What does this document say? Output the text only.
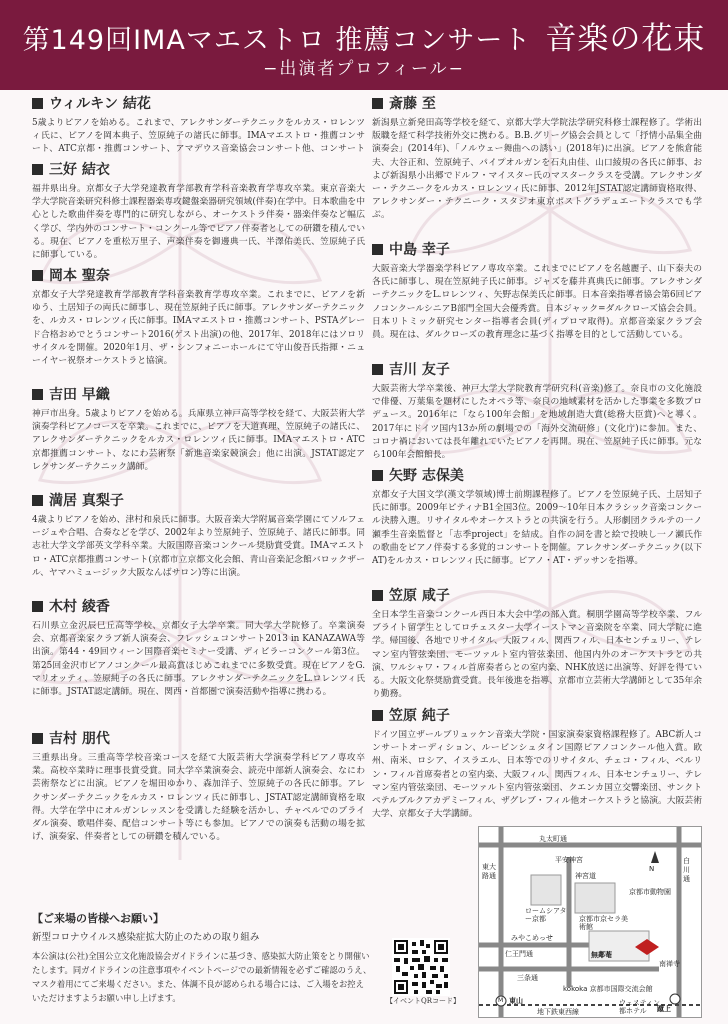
第149回IMAマエストロ 推薦コンサート 音楽の花束
−出演者プロフィール−
ウィルキン 結花
5歳よりピアノを始める。これまで、アレクサンダーテクニックをルカス・ロレンツィ氏に、ピアノを岡本典子、笠原純子の諸氏に師事。IMAマエストロ・推薦コンサート、ATC京都・推薦コンサート、アマデウス音楽協会コンサート他、コンサート
三好 結衣
福井県出身。京都女子大学発達教育学部教育学科音楽教育学専攻卒業。東京音楽大学大学院音楽研究科修士課程器楽専攻鍵盤楽器研究領域(伴奏)在学中。日本歌曲を中心とした歌曲伴奏を専門的に研究しながら、オーケストラ伴奏・器楽伴奏など幅広く学び、学内外のコンサート・コンクール等でピアノ伴奏者としての研鑽を積んでいる。現在、ピアノを重松万里子、声楽伴奏を御邊典一氏、半澤佑美氏、笠原純子氏に師事している。
岡本 聖奈
京都女子大学発達教育学部教育学科音楽教育学専攻卒業。これまでに、ピアノを新ゆう、土居知子の両氏に師事し、現在笠原純子氏に師事。アレクサンダーテクニックを、ルカス・ロレンツィ氏に師事。IMAマエストロ・推薦コンサート、PSTAグレード合格おめでとうコンサート2016(ゲスト出演)の他、2017年、2018年にはソロリサイタルを開催。2020年1月、ザ・シンフォニーホールにて守山俊吾氏指揮・ニューイヤー祝祭オーケストラと協演。
吉田 早織
神戸市出身。5歳よりピアノを始める。兵庫県立神戸高等学校を経て、大阪芸術大学演奏学科ピアノコースを卒業。これまでに、ピアノを大道真理、笠原純子の諸氏に、アレクサンダーテクニックをルカス・ロレンツィ氏に師事。IMAマエストロ・ATC京都推薦コンサート、なにわ芸術祭「新進音楽家競演会」他に出演。JSTAT認定アレクサンダーテクニック講師。
満居 真梨子
4歳よりピアノを始め、津村和泉氏に師事。大阪音楽大学附属音楽学園にてソルフェージュや合唱、合奏などを学び、2002年より笠原純子、笠原純子、諸氏に師事。同志社大学文学部英文学科卒業。大阪国際音楽コンクール奨励賞受賞。IMAマエストロ・ATC京都推薦コンサート(京都市立京都文化会館、青山音楽記念館バロックザール、ヤマハミュージック大阪なんばサロン)等に出演。
木村 綾香
石川県立金沢辰巳丘高等学校、京都女子大学卒業。同大学大学院修了。卒業演奏会、京都音楽家クラブ新人演奏会、フレッシュコンサート2013 in KANAZAWA等出演。第44・49回ウィーン国際音楽セミナー受講、ディビラーコンクール第3位。第25回金沢市ピアノコンクール最高賞ほじめこれまでに多数受賞。現在ピアノをG.マリオッティ、笠原純子の各氏に師事。アレクサンダーテクニックをL.ロレンツィ氏に師事。JSTAT認定講師。現在、関西・首都圏で演奏活動や指導に携わる。
吉村 朋代
三重県出身。三重高等学校音楽コースを経て大阪芸術大学演奏学科ピアノ専攻卒業。高校卒業時に理事長賞受賞。同大学卒業演奏会、読売中部新人演奏会、なにわ芸術祭などに出演。ピアノを堀田ゆかり、森加洋子、笠原純子の各氏に師事。アレクサンダーテクニックをルカス・ロレンツィ氏に師事し、JSTAT認定講師資格を取得。大学在学中にオルガンレッスンを受講した経験を活かし、チャペルでのブライダル演奏、歌唱伴奏、配信コンサート等にも参加。ピアノでの演奏も活動の場を拡げ、演奏家、伴奏者としての研鑽を積んでいる。
斎藤 至
新潟県立新発田高等学校を経て、京都大学大学院法学研究科修士課程修了。学術出版職を経て科学技術外交に携わる。B.B.グリーグ協会会員として「抒情小品集全曲演奏会」(2014年)、「ノルウェー舞曲への誘い」(2018年)に出演。ピアノを熊倉能夫、大谷正和、笠原純子、パイプオルガンを石丸由佳、山口綾規の各氏に師事、および新潟県小出郷でドルフ・マイスター氏のマスタークラスを受講。アレクサンダー・テクニークをルカス・ロレンツィ氏に師事、2012年JSTAT認定講師資格取得、アレクサンダー・テクニーク・スタジオ東京ポストグラデュエートクラスでも学ぶ。
中島 幸子
大阪音楽大学器楽学科ピアノ専攻卒業。これまでにピアノを名越麗子、山下泰夫の各氏に師事し、現在笠原純子氏に師事。ジャズを藤井真典氏に師事。アレクサンダーテクニックをL.ロレンツィ、矢野志保美氏に師事。日本音楽指導者協会第6回ピアノコンクールシニアB部門全国大会優秀賞。日本ジャック=ダルクローズ協会会員。日本リトミック研究センター指導者会員(ディプロマ取得)。京都音楽家クラブ会員。現在は、ダルクローズの教育理念に基づく指導を目的として活動している。
吉川 友子
大阪芸術大学卒業後、神戸大学大学院教育学研究科(音楽)修了。奈良市の文化施設で俳優、万葉集を題材にしたオペラ等、奈良の地域素材を活かした事業を多数プロデュース。2016年に「なら100年会館」を地域創造大賞(総務大臣賞)へと導く。2017年にドイツ国内13か所の劇場での「海外交流研修」(文化庁)に参加。また、コロナ禍においては長年離れていたピアノを再開。現在、笠原純子氏に師事。元なら100年会館館長。
矢野 志保美
京都女子大国文学(漢文学領域)博士前期課程修了。ピアノを笠原純子氏、土居知子氏に師事。2009年ピティナB1全国3位。2009〜10年日本クラシック音楽コンクール決勝入選。リサイタルやオーケストラとの共演を行う。人形劇団クラルテの一ノ瀬季生音楽監督と「志季project」を結成。自作の詞を書と絵で投映し一ノ瀬氏作の歌曲をピアノ伴奏する多覚的コンサートを開催。アレクサンダーテクニック(以下AT)をルカス・ロレンツィ氏に師事。ピアノ・AT・デッサンを指導。
笠原 咸子
全日本学生音楽コンクール西日本大会中学の部入賞。桐朋学園高等学校卒業、フルブライト留学生としてロチェスター大学イーストマン音楽院を卒業、同大学院に進学。帰国後、各地でリサイタル、大阪フィル、関西フィル、日本センチュリー、テレマン室内管弦楽団、モーツァルト室内管弦楽団、他国内外のオーケストラとの共演、ワルシャワ・フィル首席奏者らとの室内楽、NHK放送に出演等、好評を得ている。大阪文化祭奨励賞受賞。長年後進を指導、京都市立芸術大学講師として35年余り勤務。
笠原 純子
ドイツ国立ザールブリュッケン音楽大学院・国家演奏家資格課程修了。ABC新人コンサートオーディション、ルービンシュタイン国際ピアノコンクール他入賞。欧州、南米、ロシア、イスラエル、日本等でのリサイタル、チェコ・フィル、ベルリン・フィル首席奏者との室内楽、大阪フィル、関西フィル、日本センチュリー、テレマン室内管弦楽団、モーツァルト室内管弦楽団、クエンカ国立交響楽団、サンクトペテルブルクアカデミーフィル、ザグレブ・フィル他オーケストラと協演。大阪芸術大学、京都女子大学講師。
【ご来場の皆様へお願い】
新型コロナウイルス感染症拡大防止のための取り組み
本公演は(公社)全国公立文化施設協会ガイドラインに基づき、感染拡大防止策をとり開催いたします。同ガイドラインの注意事項やイベントページでの最新情報を必ずご確認のうえ、マスク着用にてご来場ください。また、体調不良が認められる場合には、ご入場をお控えいただけますようお願い申し上げます。	【イベントQRコード】
丸太町通
平安神宮
東大路通
ロームシアター京都	京都市京セラ美術館
京都市動物園
みやこめっせ
神宮道
無鄰菴
三条通
仁王門通
kokoka 京都市国際交流会館
東山
蹴上
地下鉄東西線
ウェスティン都ホテル
白川通
南禅寺
N
M
